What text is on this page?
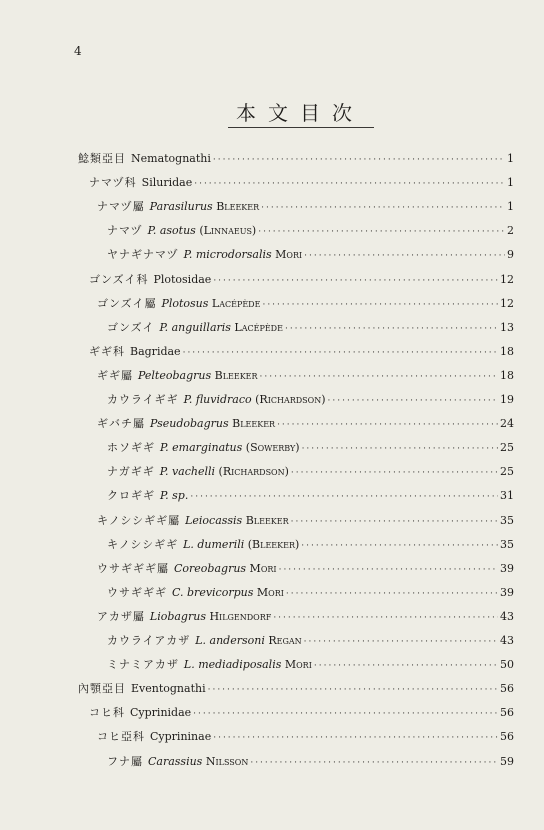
4
本文目次
鯰類亞目 Nematognathi ·····	1
ナマヅ科 Siluridae ·····	1
ナマヅ屬 Parasilurus Bleeker ·····	1
ナマヅ P. asotus (Linnaeus) ·····	2
ヤナギナマヅ P. microdorsalis Mori ·····	9
ゴンズイ科 Plotosidae ·····	12
ゴンズイ屬 Plotosus Lacépède ·····	12
ゴンズイ P. anguillaris Lacépède ·····	13
ギギ科 Bagridae ·····	18
ギギ屬 Pelteobagrus Bleeker ·····	18
カウライギギ P. fluvidraco (Richardson) ·····	19
ギバチ屬 Pseudobagrus Bleeker ·····	24
ホソギギ P. emarginatus (Sowerby) ·····	25
ナガギギ P. vachelli (Richardson) ·····	25
クロギギ P. sp. ·····	31
キノシシギギ屬 Leiocassis Bleeker ·····	35
キノシシギギ L. dumerili (Bleeker) ·····	35
ウサギギギ屬 Coreobagrus Mori ·····	39
ウサギギギ C. brevicorpus Mori ·····	39
アカザ屬 Liobagrus Hilgendorf ·····	43
カウライアカザ L. andersoni Regan ·····	43
ミナミアカザ L. mediadiposalis Mori ·····	50
內顎亞目 Eventognathi ·····	56
コヒ科 Cyprinidae ·····	56
コヒ亞科 Cyprininae ·····	56
フナ屬 Carassius Nilsson ·····	59
